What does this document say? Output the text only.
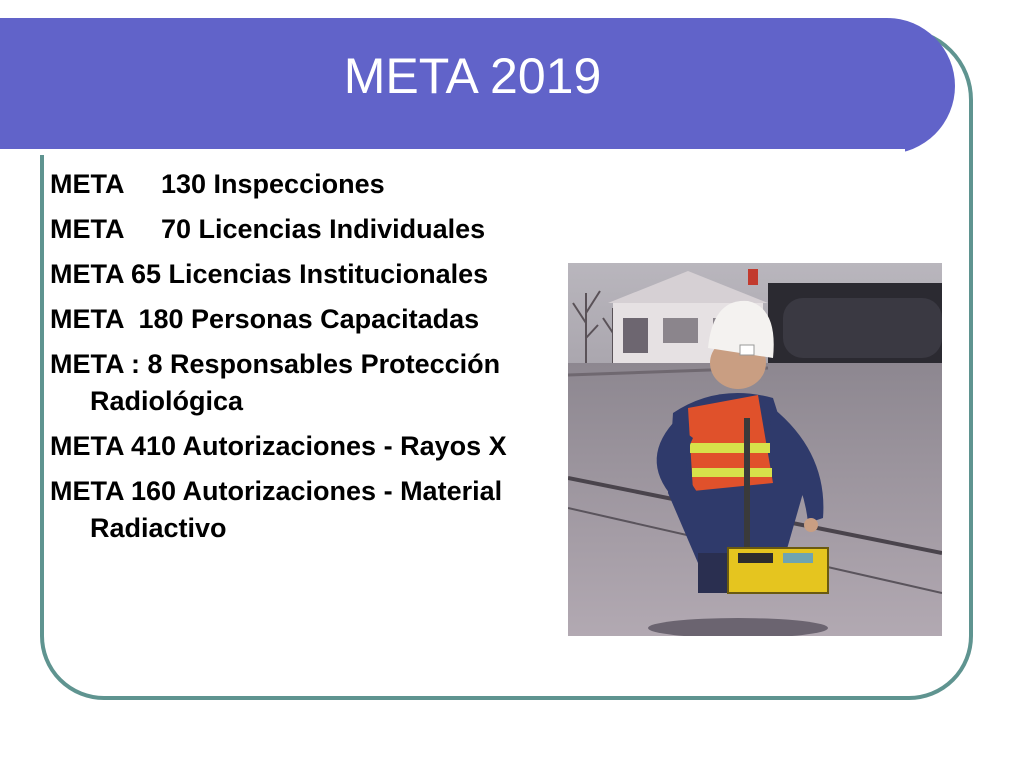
META 2019
META     130 Inspecciones
META     70 Licencias Individuales
META 65 Licencias Institucionales
META  180 Personas Capacitadas
META : 8 Responsables Protección Radiológica
META 410 Autorizaciones - Rayos X
META 160 Autorizaciones - Material Radiactivo
